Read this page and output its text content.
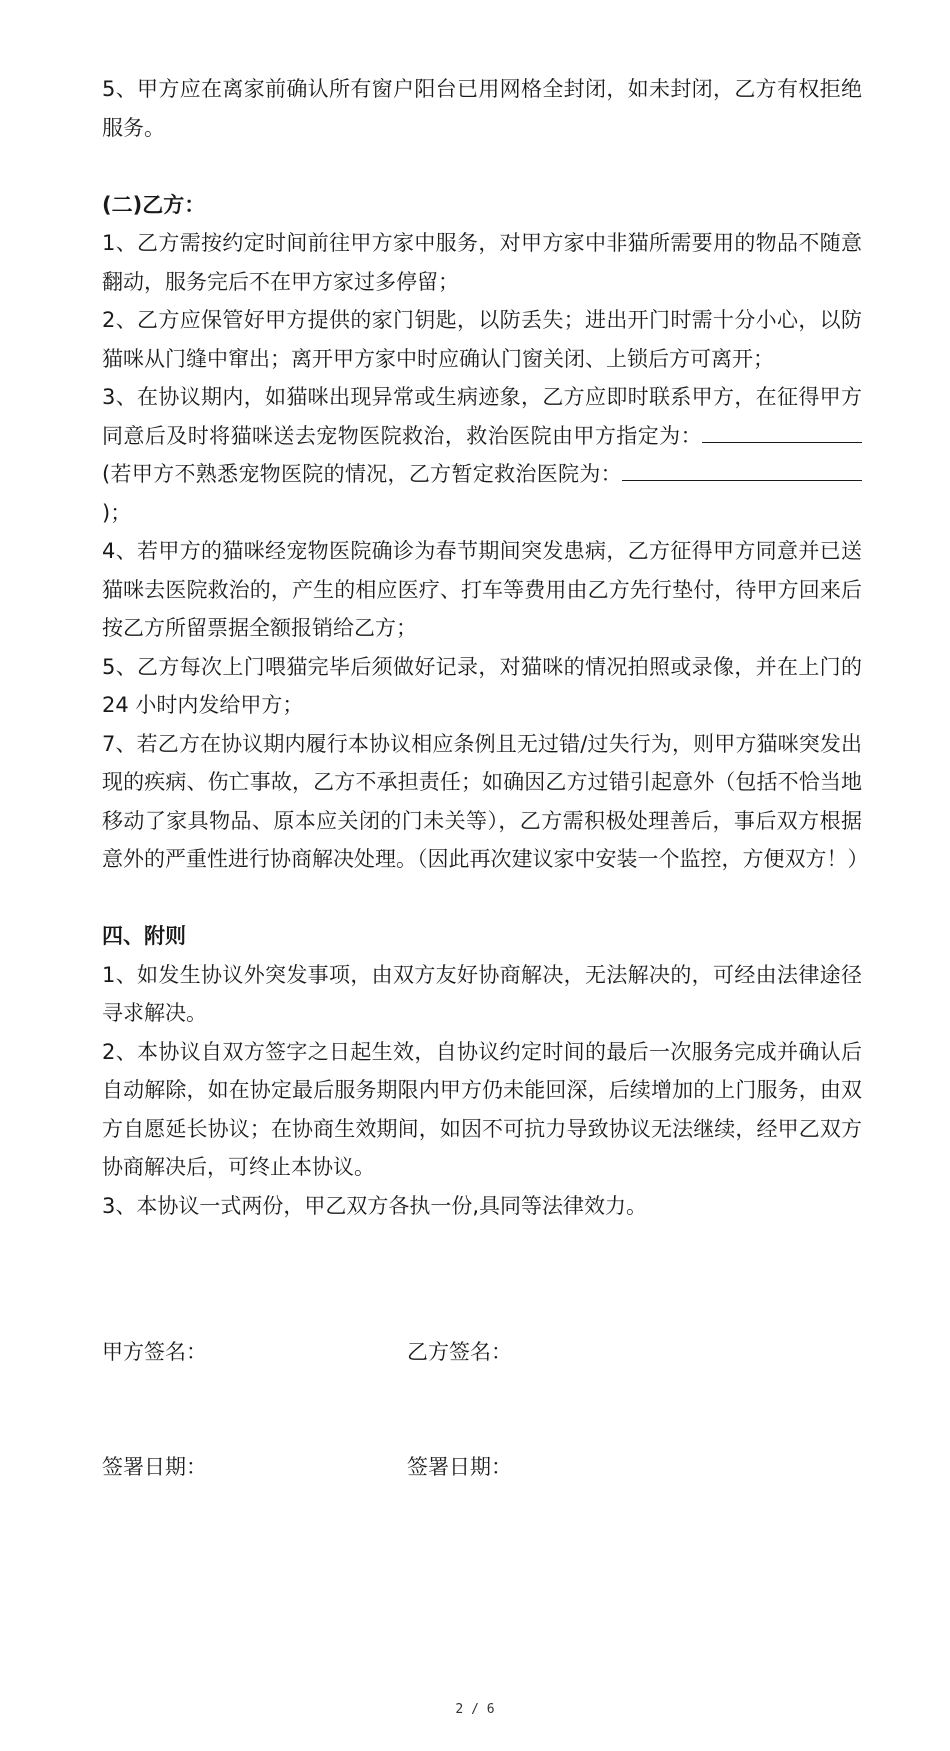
5、甲方应在离家前确认所有窗户阳台已用网格全封闭，如未封闭，乙方有权拒绝服务。

(二)乙方：

1、乙方需按约定时间前往甲方家中服务，对甲方家中非猫所需要用的物品不随意翻动，服务完后不在甲方家过多停留；

2、乙方应保管好甲方提供的家门钥匙，以防丢失；进出开门时需十分小心，以防猫咪从门缝中窜出；离开甲方家中时应确认门窗关闭、上锁后方可离开；

3、在协议期内，如猫咪出现异常或生病迹象，乙方应即时联系甲方，在征得甲方同意后及时将猫咪送去宠物医院救治，救治医院由甲方指定为：(若甲方不熟悉宠物医院的情况，乙方暂定救治医院为：)；

4、若甲方的猫咪经宠物医院确诊为春节期间突发患病，乙方征得甲方同意并已送猫咪去医院救治的，产生的相应医疗、打车等费用由乙方先行垫付，待甲方回来后按乙方所留票据全额报销给乙方；

5、乙方每次上门喂猫完毕后须做好记录，对猫咪的情况拍照或录像，并在上门的 24 小时内发给甲方；

7、若乙方在协议期内履行本协议相应条例且无过错/过失行为，则甲方猫咪突发出现的疾病、伤亡事故，乙方不承担责任；如确因乙方过错引起意外（包括不恰当地移动了家具物品、原本应关闭的门未关等），乙方需积极处理善后，事后双方根据意外的严重性进行协商解决处理。（因此再次建议家中安装一个监控，方便双方！）

四、附则

1、如发生协议外突发事项，由双方友好协商解决，无法解决的，可经由法律途径寻求解决。

2、本协议自双方签字之日起生效，自协议约定时间的最后一次服务完成并确认后自动解除，如在协定最后服务期限内甲方仍未能回深，后续增加的上门服务，由双方自愿延长协议；在协商生效期间，如因不可抗力导致协议无法继续，经甲乙双方协商解决后，可终止本协议。

3、本协议一式两份，甲乙双方各执一份,具同等法律效力。

甲方签名：	乙方签名：
签署日期：	签署日期：
2 / 6
